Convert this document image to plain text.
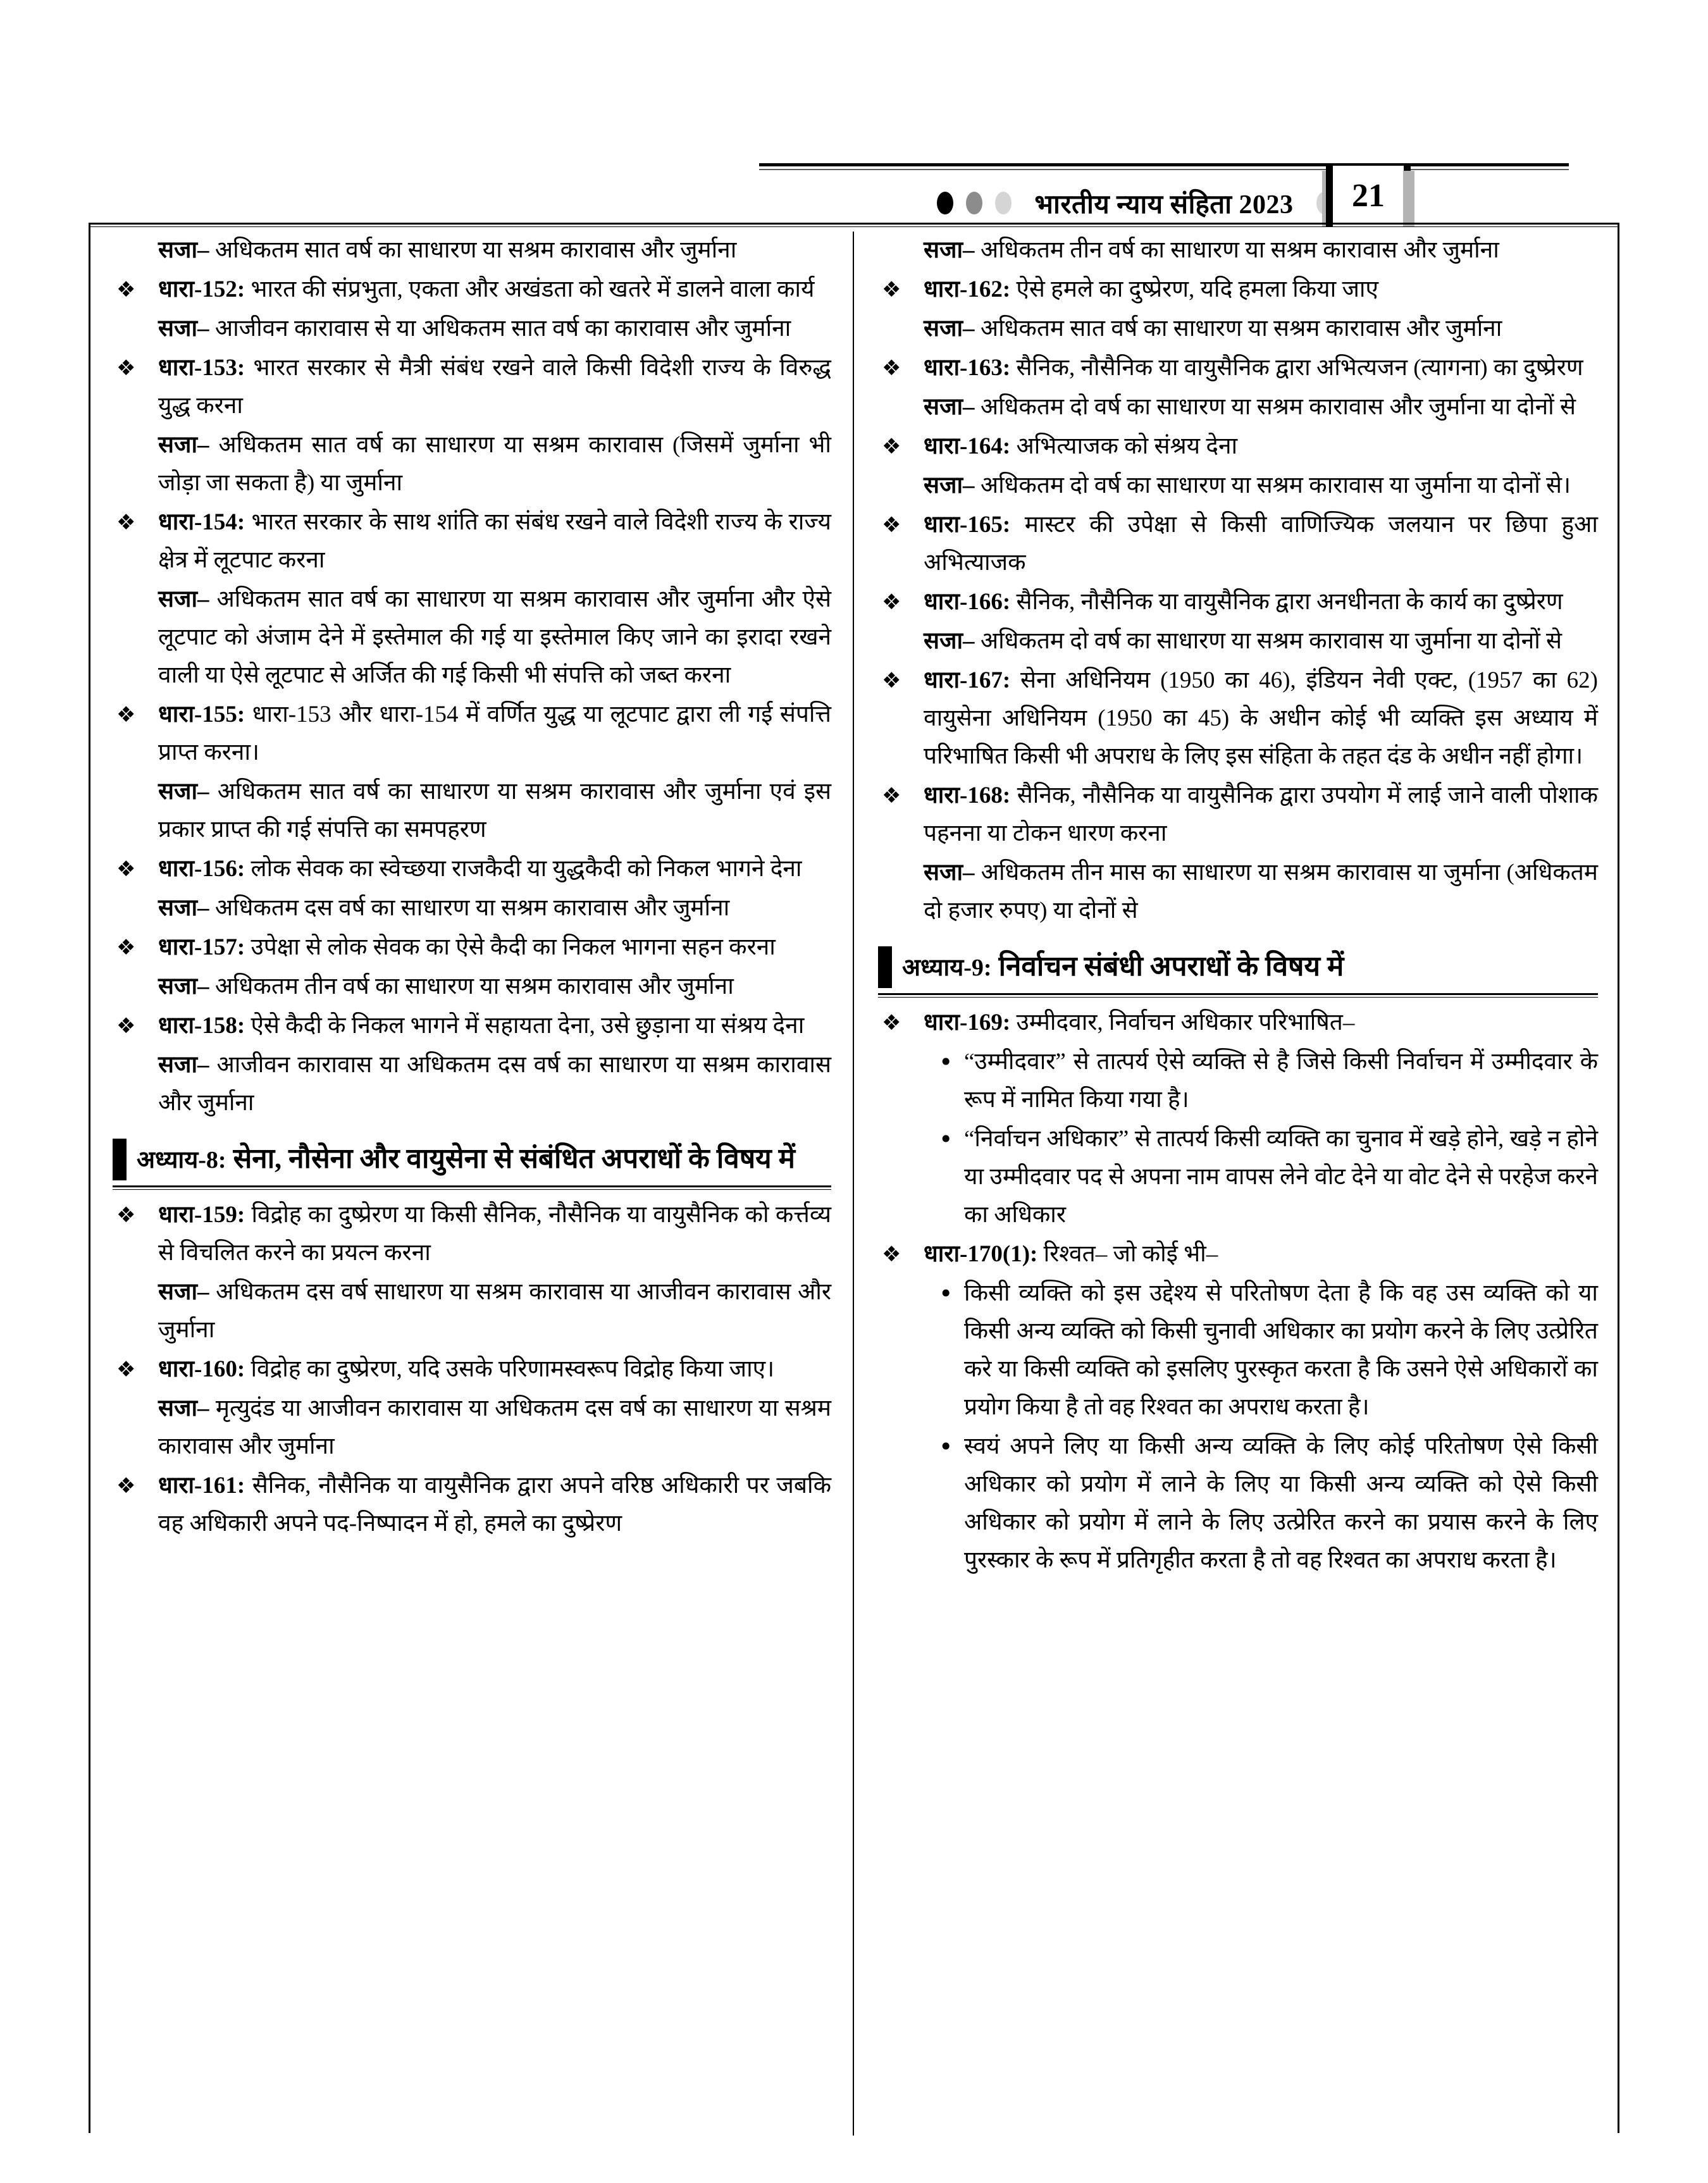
भारतीय न्याय संहिता 2023	21
सजा– अधिकतम सात वर्ष का साधारण या सश्रम कारावास और जुर्माना
❖ धारा-152: भारत की संप्रभुता, एकता और अखंडता को खतरे में डालने वाला कार्य
सजा– आजीवन कारावास से या अधिकतम सात वर्ष का कारावास और जुर्माना
❖ धारा-153: भारत सरकार से मैत्री संबंध रखने वाले किसी विदेशी राज्य के विरुद्ध युद्ध करना
सजा– अधिकतम सात वर्ष का साधारण या सश्रम कारावास (जिसमें जुर्माना भी जोड़ा जा सकता है) या जुर्माना
❖ धारा-154: भारत सरकार के साथ शांति का संबंध रखने वाले विदेशी राज्य के राज्य क्षेत्र में लूटपाट करना
सजा– अधिकतम सात वर्ष का साधारण या सश्रम कारावास और जुर्माना और ऐसे लूटपाट को अंजाम देने में इस्तेमाल की गई या इस्तेमाल किए जाने का इरादा रखने वाली या ऐसे लूटपाट से अर्जित की गई किसी भी संपत्ति को जब्त करना
❖ धारा-155: धारा-153 और धारा-154 में वर्णित युद्ध या लूटपाट द्वारा ली गई संपत्ति प्राप्त करना।
सजा– अधिकतम सात वर्ष का साधारण या सश्रम कारावास और जुर्माना एवं इस प्रकार प्राप्त की गई संपत्ति का समपहरण
❖ धारा-156: लोक सेवक का स्वेच्छया राजकैदी या युद्धकैदी को निकल भागने देना
सजा– अधिकतम दस वर्ष का साधारण या सश्रम कारावास और जुर्माना
❖ धारा-157: उपेक्षा से लोक सेवक का ऐसे कैदी का निकल भागना सहन करना
सजा– अधिकतम तीन वर्ष का साधारण या सश्रम कारावास और जुर्माना
❖ धारा-158: ऐसे कैदी के निकल भागने में सहायता देना, उसे छुड़ाना या संश्रय देना
सजा– आजीवन कारावास या अधिकतम दस वर्ष का साधारण या सश्रम कारावास और जुर्माना
अध्याय-8: सेना, नौसेना और वायुसेना से संबंधित अपराधों के विषय में
❖ धारा-159: विद्रोह का दुष्प्रेरण या किसी सैनिक, नौसैनिक या वायुसैनिक को कर्त्तव्य से विचलित करने का प्रयत्न करना
सजा– अधिकतम दस वर्ष साधारण या सश्रम कारावास या आजीवन कारावास और जुर्माना
❖ धारा-160: विद्रोह का दुष्प्रेरण, यदि उसके परिणामस्वरूप विद्रोह किया जाए।
सजा– मृत्युदंड या आजीवन कारावास या अधिकतम दस वर्ष का साधारण या सश्रम कारावास और जुर्माना
❖ धारा-161: सैनिक, नौसैनिक या वायुसैनिक द्वारा अपने वरिष्ठ अधिकारी पर जबकि वह अधिकारी अपने पद-निष्पादन में हो, हमले का दुष्प्रेरण
सजा– अधिकतम तीन वर्ष का साधारण या सश्रम कारावास और जुर्माना
❖ धारा-162: ऐसे हमले का दुष्प्रेरण, यदि हमला किया जाए
सजा– अधिकतम सात वर्ष का साधारण या सश्रम कारावास और जुर्माना
❖ धारा-163: सैनिक, नौसैनिक या वायुसैनिक द्वारा अभित्यजन (त्यागना) का दुष्प्रेरण
सजा– अधिकतम दो वर्ष का साधारण या सश्रम कारावास और जुर्माना या दोनों से
❖ धारा-164: अभित्याजक को संश्रय देना
सजा– अधिकतम दो वर्ष का साधारण या सश्रम कारावास या जुर्माना या दोनों से।
❖ धारा-165: मास्टर की उपेक्षा से किसी वाणिज्यिक जलयान पर छिपा हुआ अभित्याजक
❖ धारा-166: सैनिक, नौसैनिक या वायुसैनिक द्वारा अनधीनता के कार्य का दुष्प्रेरण
सजा– अधिकतम दो वर्ष का साधारण या सश्रम कारावास या जुर्माना या दोनों से
❖ धारा-167: सेना अधिनियम (1950 का 46), इंडियन नेवी एक्ट, (1957 का 62) वायुसेना अधिनियम (1950 का 45) के अधीन कोई भी व्यक्ति इस अध्याय में परिभाषित किसी भी अपराध के लिए इस संहिता के तहत दंड के अधीन नहीं होगा।
❖ धारा-168: सैनिक, नौसैनिक या वायुसैनिक द्वारा उपयोग में लाई जाने वाली पोशाक पहनना या टोकन धारण करना
सजा– अधिकतम तीन मास का साधारण या सश्रम कारावास या जुर्माना (अधिकतम दो हजार रुपए) या दोनों से
अध्याय-9: निर्वाचन संबंधी अपराधों के विषय में
❖ धारा-169: उम्मीदवार, निर्वाचन अधिकार परिभाषित–
• “उम्मीदवार” से तात्पर्य ऐसे व्यक्ति से है जिसे किसी निर्वाचन में उम्मीदवार के रूप में नामित किया गया है।
• “निर्वाचन अधिकार” से तात्पर्य किसी व्यक्ति का चुनाव में खड़े होने, खड़े न होने या उम्मीदवार पद से अपना नाम वापस लेने वोट देने या वोट देने से परहेज करने का अधिकार
❖ धारा-170(1): रिश्वत– जो कोई भी–
• किसी व्यक्ति को इस उद्देश्य से परितोषण देता है कि वह उस व्यक्ति को या किसी अन्य व्यक्ति को किसी चुनावी अधिकार का प्रयोग करने के लिए उत्प्रेरित करे या किसी व्यक्ति को इसलिए पुरस्कृत करता है कि उसने ऐसे अधिकारों का प्रयोग किया है तो वह रिश्वत का अपराध करता है।
• स्वयं अपने लिए या किसी अन्य व्यक्ति के लिए कोई परितोषण ऐसे किसी अधिकार को प्रयोग में लाने के लिए या किसी अन्य व्यक्ति को ऐसे किसी अधिकार को प्रयोग में लाने के लिए उत्प्रेरित करने का प्रयास करने के लिए पुरस्कार के रूप में प्रतिगृहीत करता है तो वह रिश्वत का अपराध करता है।
